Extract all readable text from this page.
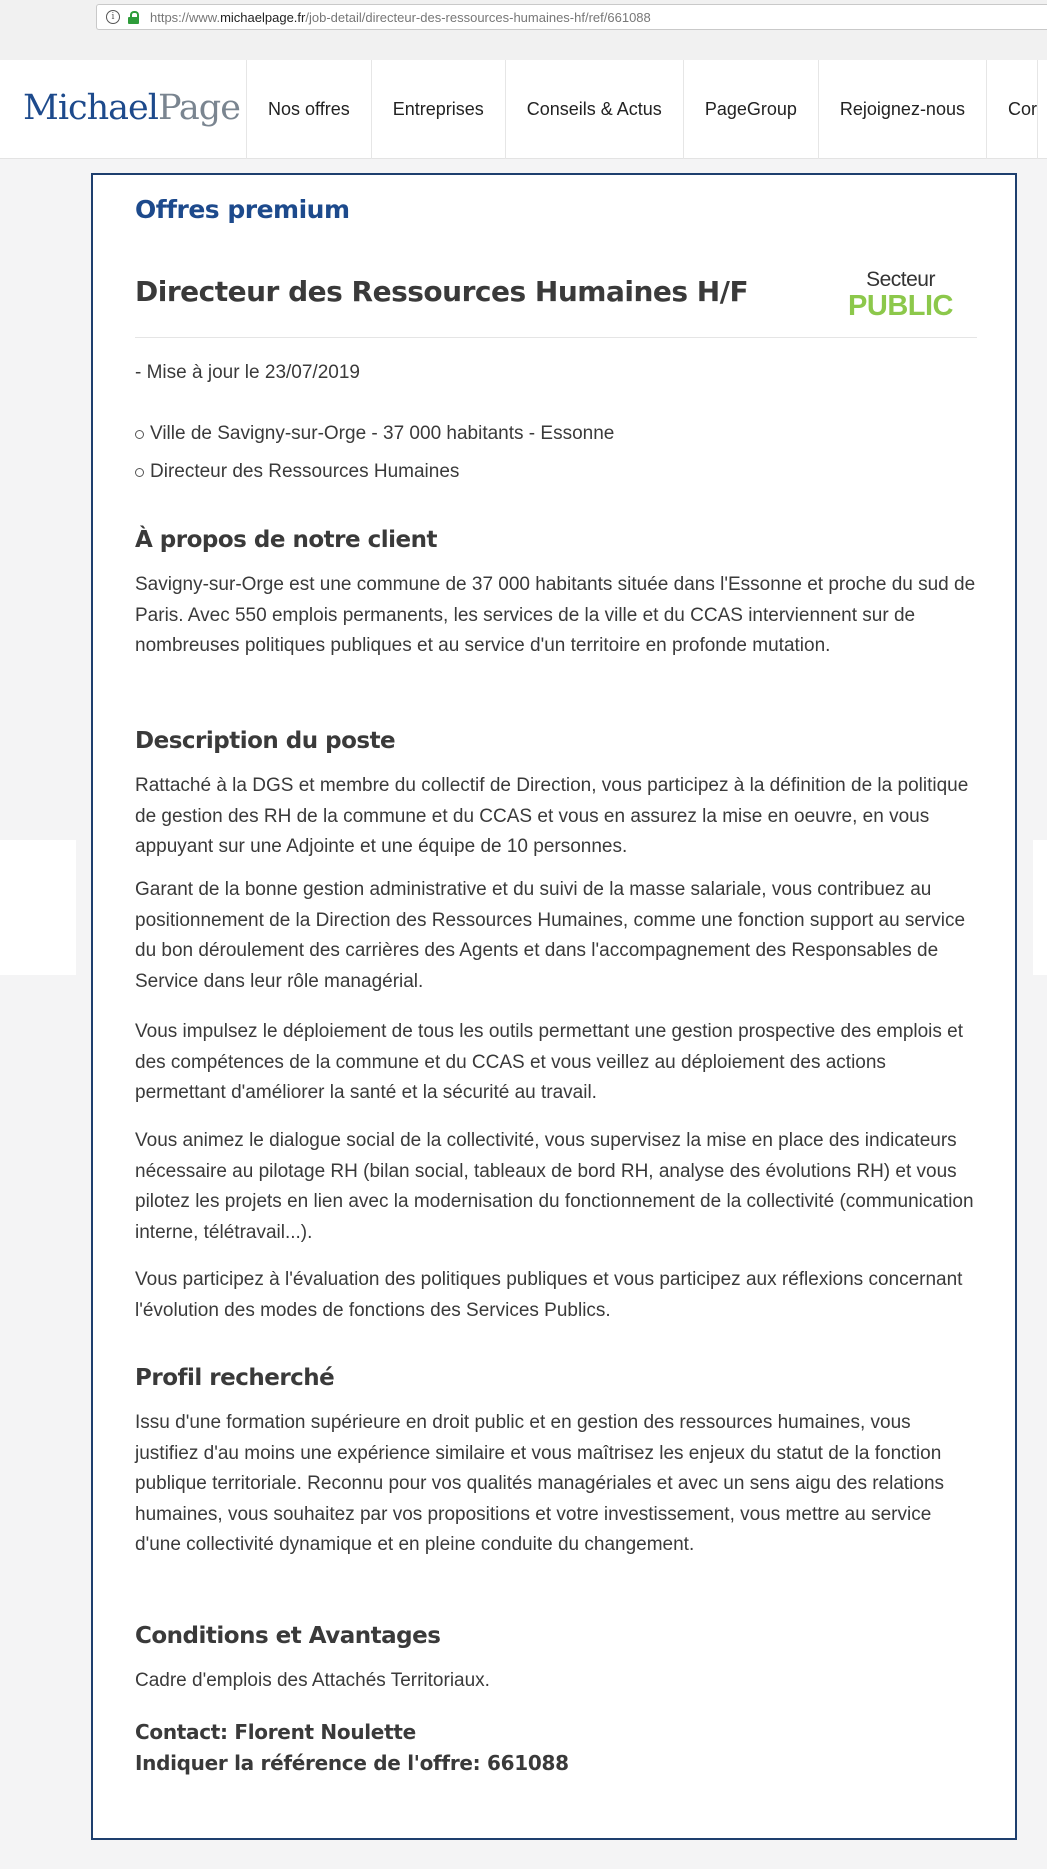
i	https://www.michaelpage.fr/job-detail/directeur-des-ressources-humaines-hf/ref/661088
MichaelPage	Nos offres	Entreprises	Conseils & Actus	PageGroup	Rejoignez-nous	Cor
Offres premium
Directeur des Ressources Humaines H/F	Secteur
PUBLIC

- Mise à jour le 23/07/2019

Ville de Savigny-sur-Orge - 37 000 habitants - Essonne
Directeur des Ressources Humaines
À propos de notre client

Savigny-sur-Orge est une commune de 37 000 habitants située dans l'Essonne et proche du sud de Paris. Avec 550 emplois permanents, les services de la ville et du CCAS interviennent sur de nombreuses politiques publiques et au service d'un territoire en profonde mutation.

Description du poste

Rattaché à la DGS et membre du collectif de Direction, vous participez à la définition de la politique de gestion des RH de la commune et du CCAS et vous en assurez la mise en oeuvre, en vous appuyant sur une Adjointe et une équipe de 10 personnes.

Garant de la bonne gestion administrative et du suivi de la masse salariale, vous contribuez au positionnement de la Direction des Ressources Humaines, comme une fonction support au service du bon déroulement des carrières des Agents et dans l'accompagnement des Responsables de Service dans leur rôle managérial.

Vous impulsez le déploiement de tous les outils permettant une gestion prospective des emplois et des compétences de la commune et du CCAS et vous veillez au déploiement des actions permettant d'améliorer la santé et la sécurité au travail.

Vous animez le dialogue social de la collectivité, vous supervisez la mise en place des indicateurs nécessaire au pilotage RH (bilan social, tableaux de bord RH, analyse des évolutions RH) et vous pilotez les projets en lien avec la modernisation du fonctionnement de la collectivité (communication interne, télétravail...).

Vous participez à l'évaluation des politiques publiques et vous participez aux réflexions concernant l'évolution des modes de fonctions des Services Publics.

Profil recherché

Issu d'une formation supérieure en droit public et en gestion des ressources humaines, vous justifiez d'au moins une expérience similaire et vous maîtrisez les enjeux du statut de la fonction publique territoriale. Reconnu pour vos qualités managériales et avec un sens aigu des relations humaines, vous souhaitez par vos propositions et votre investissement, vous mettre au service d'une collectivité dynamique et en pleine conduite du changement.

Conditions et Avantages

Cadre d'emplois des Attachés Territoriaux.

Contact: Florent Noulette
Indiquer la référence de l'offre: 661088
